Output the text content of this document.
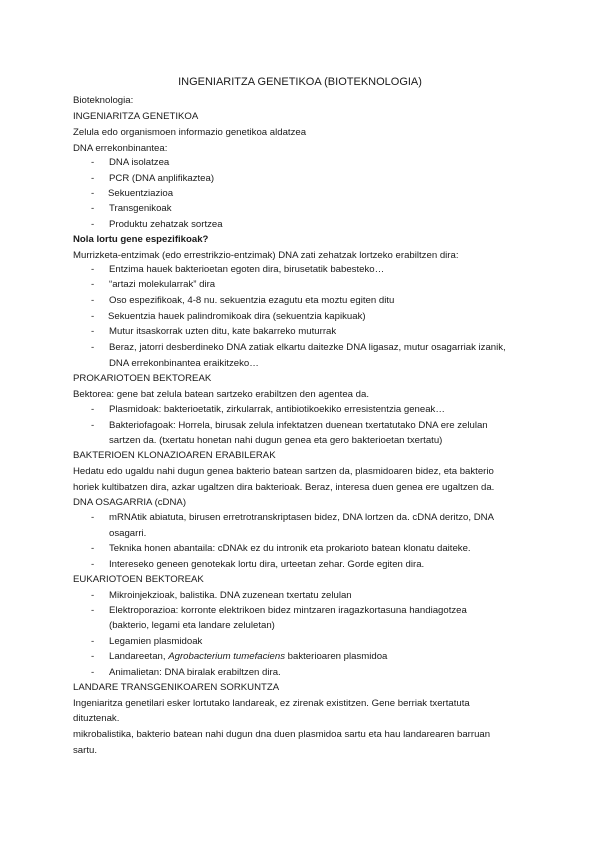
INGENIARITZA GENETIKOA (BIOTEKNOLOGIA)
Bioteknologia:
INGENIARITZA GENETIKOA
Zelula edo organismoen informazio genetikoa aldatzea
DNA errekonbinantea:
- DNA isolatzea
- PCR (DNA anplifikaztea)
- Sekuentziazioa
- Transgenikoak
- Produktu zehatzak sortzea
Nola lortu gene espezifikoak?
Murrizketa-entzimak (edo errestrikzio-entzimak) DNA zati zehatzak lortzeko erabiltzen dira:
- Entzima hauek bakterioetan egoten dira, birusetatik babesteko…
- “artazi molekularrak” dira
- Oso espezifikoak, 4-8 nu. sekuentzia ezagutu eta moztu egiten ditu
- Sekuentzia hauek palindromikoak dira (sekuentzia kapikuak)
- Mutur itsaskorrak uzten ditu, kate bakarreko muturrak
- Beraz, jatorri desberdineko DNA zatiak elkartu daitezke DNA ligasaz, mutur osagarriak izanik,
DNA errekonbinantea eraikitzeko…
PROKARIOTOEN BEKTOREAK
Bektorea: gene bat zelula batean sartzeko erabiltzen den agentea da.
- Plasmidoak: bakterioetatik, zirkularrak, antibiotikoekiko erresistentzia geneak…
- Bakteriofagoak: Horrela, birusak zelula infektatzen duenean txertatutako DNA ere zelulan
sartzen da. (txertatu honetan nahi dugun genea eta gero bakterioetan txertatu)
BAKTERIOEN KLONAZIOAREN ERABILERAK
Hedatu edo ugaldu nahi dugun genea bakterio batean sartzen da, plasmidoaren bidez, eta bakterio
horiek kultibatzen dira, azkar ugaltzen dira bakterioak. Beraz, interesa duen genea ere ugaltzen da.
DNA OSAGARRIA (cDNA)
- mRNAtik abiatuta, birusen erretrotranskriptasen bidez, DNA lortzen da. cDNA deritzo, DNA
osagarri.
- Teknika honen abantaila: cDNAk ez du intronik eta prokarioto batean klonatu daiteke.
- Intereseko geneen genotekak lortu dira, urteetan zehar. Gorde egiten dira.
EUKARIOTOEN BEKTOREAK
- Mikroinjekzioak, balistika. DNA zuzenean txertatu zelulan
- Elektroporazioa: korronte elektrikoen bidez mintzaren iragazkortasuna handiagotzea
(bakterio, legami eta landare zeluletan)
- Legamien plasmidoak
- Landareetan, Agrobacterium tumefaciens bakterioaren plasmidoa
- Animalietan: DNA biralak erabiltzen dira.
LANDARE TRANSGENIKOAREN SORKUNTZA
Ingeniaritza genetilari esker lortutako landareak, ez zirenak existitzen. Gene berriak txertatuta
dituztenak.
mikrobalistika, bakterio batean nahi dugun dna duen plasmidoa sartu eta hau landarearen barruan
sartu.
